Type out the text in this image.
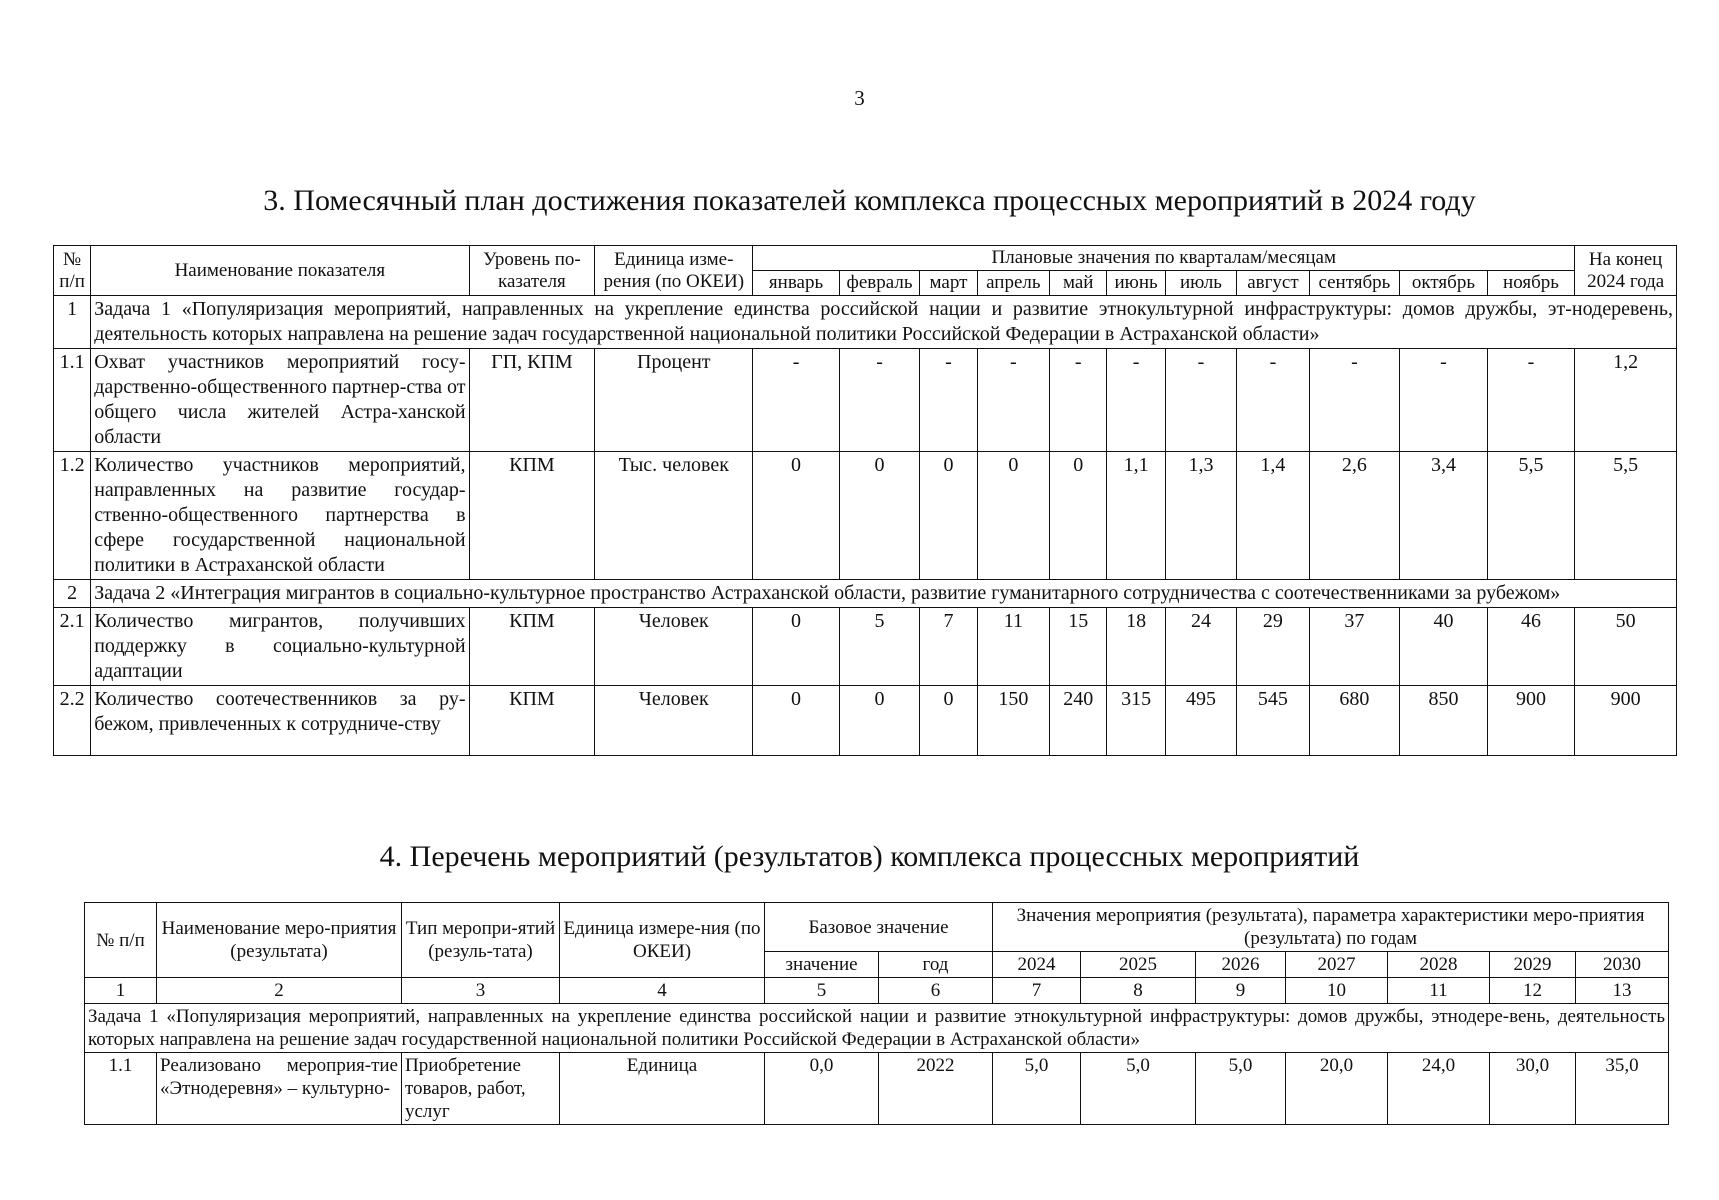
3
3. Помесячный план достижения показателей комплекса процессных мероприятий в 2024 году
№ п/п	Наименование показателя	Уровень по-казателя	Единица изме-рения (по ОКЕИ)	Плановые значения по кварталам/месяцам											На конец 2024 года
				январь	февраль	март	апрель	май	июнь	июль	август	сентябрь	октябрь	ноябрь	
1	Задача 1 «Популяризация мероприятий, направленных на укрепление единства российской нации и развитие этнокультурной инфраструктуры: домов дружбы, эт-нодеревень, деятельность которых направлена на решение задач государственной национальной политики Российской Федерации в Астраханской области»														
1.1	Охват участников мероприятий госу-дарственно-общественного партнер-ства от общего числа жителей Астра-ханской области	ГП, КПМ	Процент	-	-	-	-	-	-	-	-	-	-	-	1,2
1.2	Количество участников мероприятий, направленных на развитие государ-ственно-общественного партнерства в сфере государственной национальной политики в Астраханской области	КПМ	Тыс. человек	0	0	0	0	0	1,1	1,3	1,4	2,6	3,4	5,5	5,5
2	Задача 2 «Интеграция мигрантов в социально-культурное пространство Астраханской области, развитие гуманитарного сотрудничества с соотечественниками за рубежом»														
2.1	Количество мигрантов, получивших поддержку в социально-культурной адаптации	КПМ	Человек	0	5	7	11	15	18	24	29	37	40	46	50
2.2	Количество соотечественников за ру-бежом, привлеченных к сотрудниче-ству	КПМ	Человек	0	0	0	150	240	315	495	545	680	850	900	900
4. Перечень мероприятий (результатов) комплекса процессных мероприятий
№ п/п	Наименование меро-приятия (результата)	Тип меропри-ятий (резуль-тата)	Единица измере-ния (по ОКЕИ)	Базовое значение		Значения мероприятия (результата), параметра характеристики меро-приятия (результата) по годам						
				значение	год	2024	2025	2026	2027	2028	2029	2030
1	2	3	4	5	6	7	8	9	10	11	12	13
Задача 1 «Популяризация мероприятий, направленных на укрепление единства российской нации и развитие этнокультурной инфраструктуры: домов дружбы, этнодере-вень, деятельность которых направлена на решение задач государственной национальной политики Российской Федерации в Астраханской области»												
1.1	Реализовано мероприя-тие «Этнодеревня» – культурно-	Приобретение товаров, работ, услуг	Единица	0,0	2022	5,0	5,0	5,0	20,0	24,0	30,0	35,0
